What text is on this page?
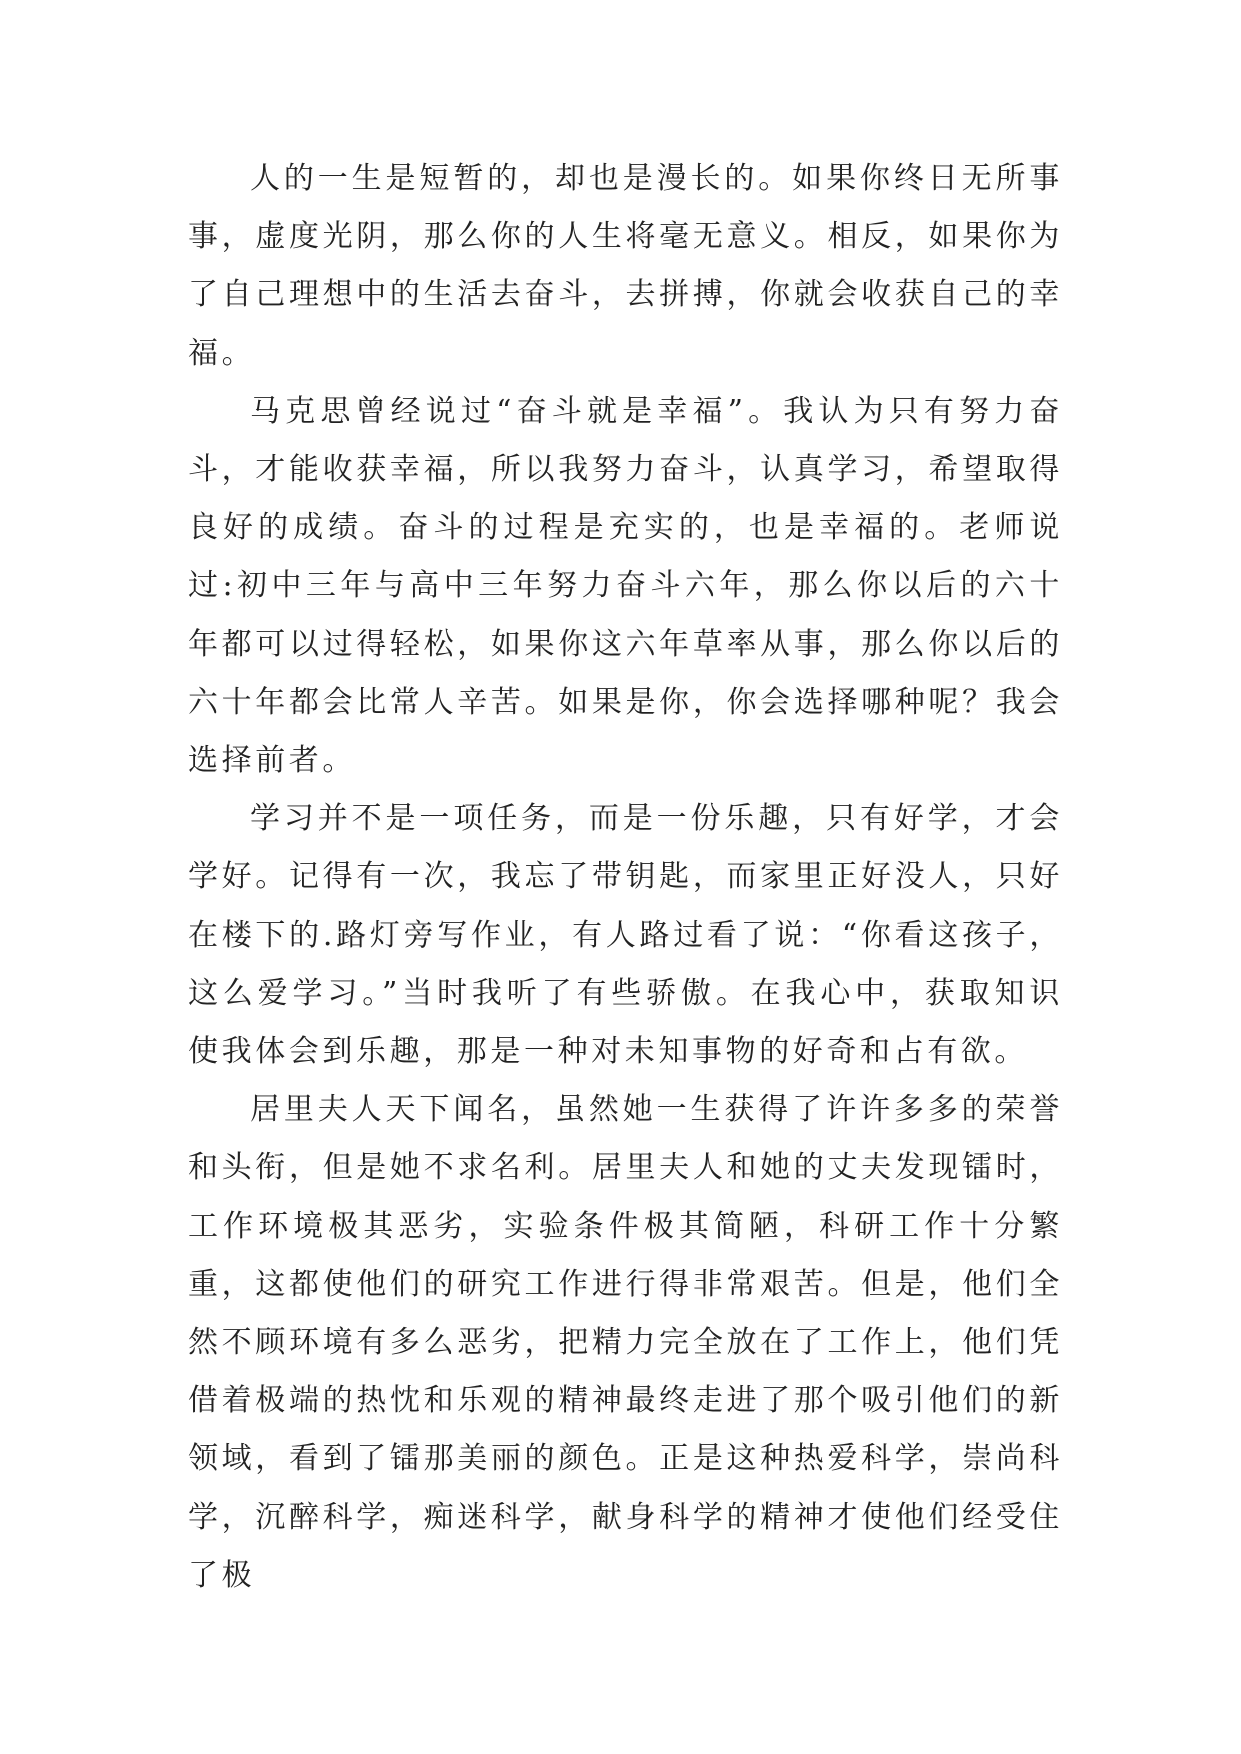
人的一生是短暂的，却也是漫长的。如果你终日无所事事，虚度光阴，那么你的人生将毫无意义。相反，如果你为了自己理想中的生活去奋斗，去拼搏，你就会收获自己的幸福。

马克思曾经说过“奋斗就是幸福”。我认为只有努力奋斗，才能收获幸福，所以我努力奋斗，认真学习，希望取得良好的成绩。奋斗的过程是充实的，也是幸福的。老师说过:初中三年与高中三年努力奋斗六年，那么你以后的六十年都可以过得轻松，如果你这六年草率从事，那么你以后的六十年都会比常人辛苦。如果是你，你会选择哪种呢？我会选择前者。

学习并不是一项任务，而是一份乐趣，只有好学，才会学好。记得有一次，我忘了带钥匙，而家里正好没人，只好在楼下的.路灯旁写作业，有人路过看了说：“你看这孩子，这么爱学习。”当时我听了有些骄傲。在我心中，获取知识使我体会到乐趣，那是一种对未知事物的好奇和占有欲。

居里夫人天下闻名，虽然她一生获得了许许多多的荣誉和头衔，但是她不求名利。居里夫人和她的丈夫发现镭时，工作环境极其恶劣，实验条件极其简陋，科研工作十分繁重，这都使他们的研究工作进行得非常艰苦。但是，他们全然不顾环境有多么恶劣，把精力完全放在了工作上，他们凭借着极端的热忱和乐观的精神最终走进了那个吸引他们的新领域，看到了镭那美丽的颜色。正是这种热爱科学，崇尚科学，沉醉科学，痴迷科学，献身科学的精神才使他们经受住了极
